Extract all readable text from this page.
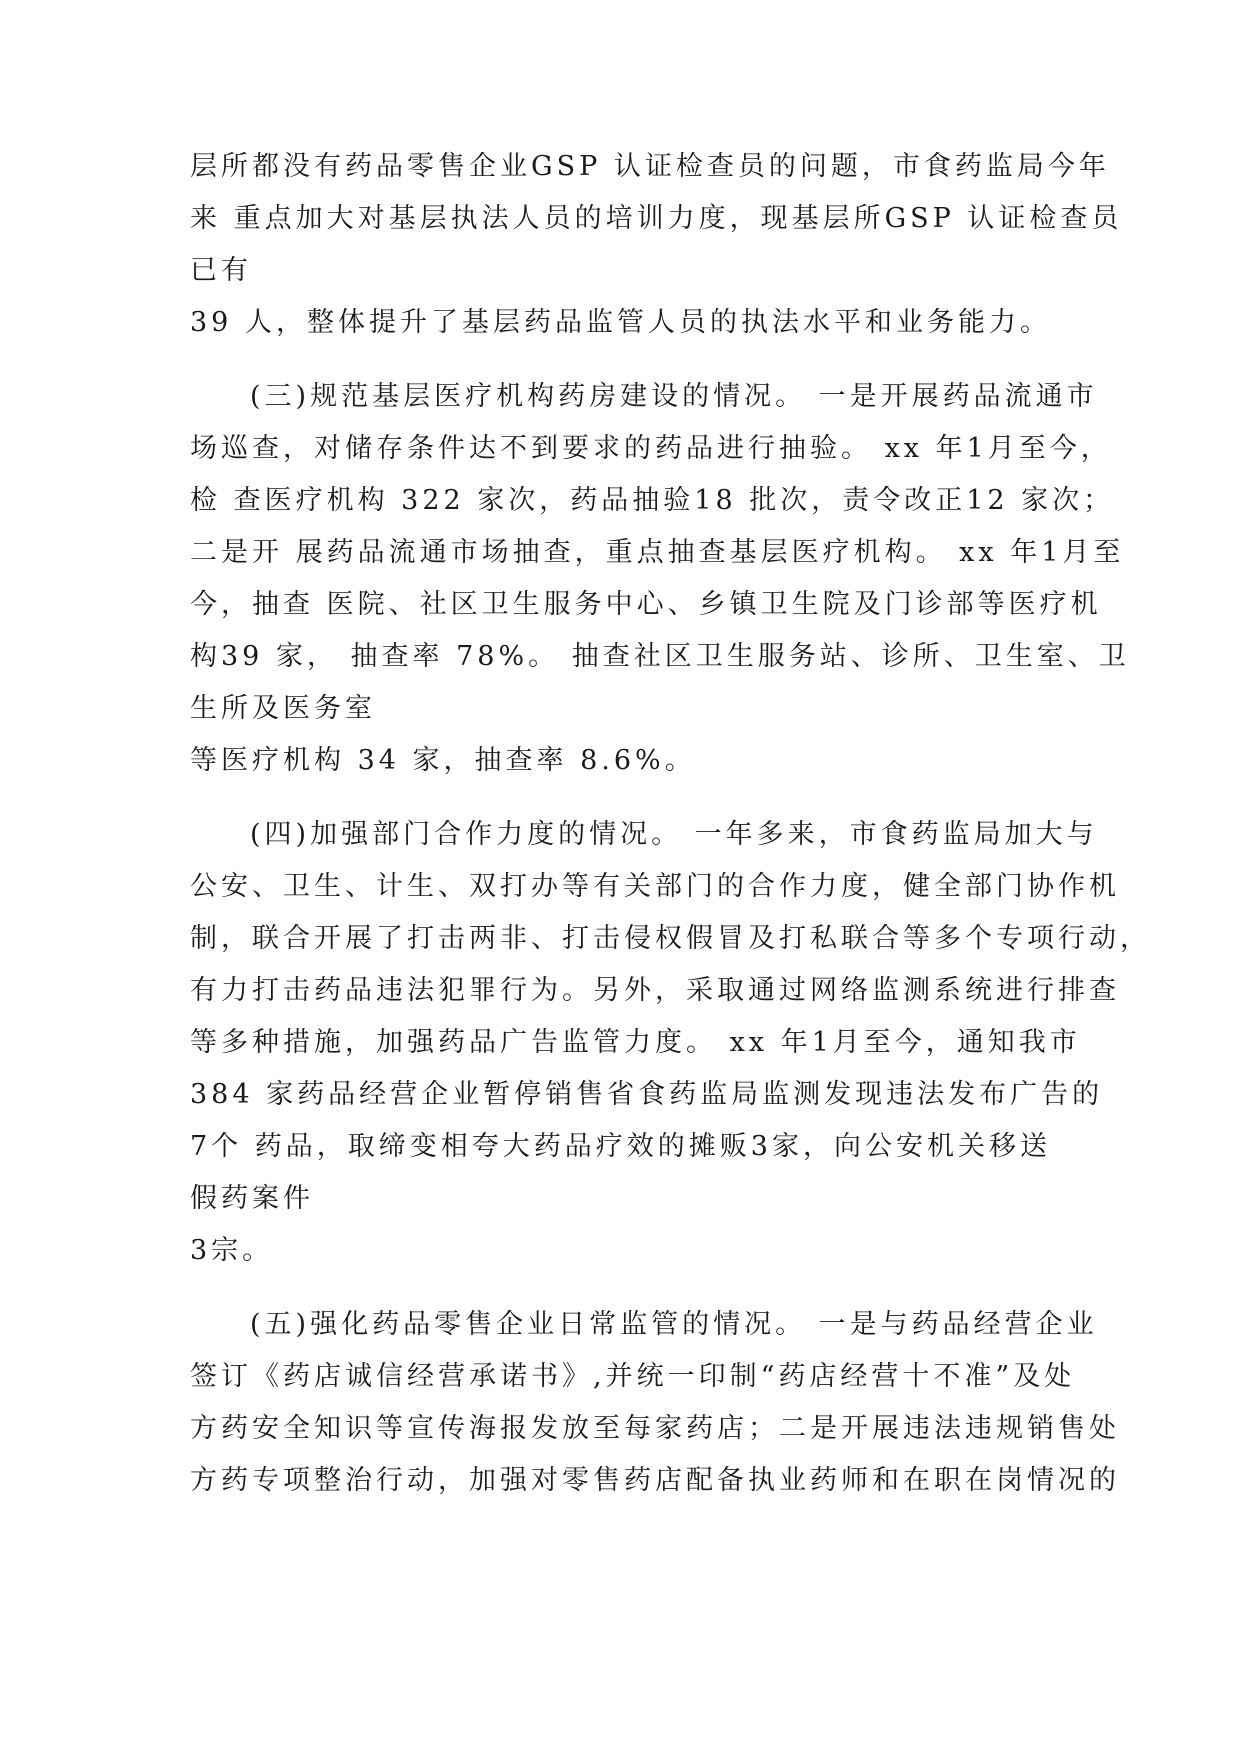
层所都没有药品零售企业GSP 认证检查员的问题，市食药监局今年
来 重点加大对基层执法人员的培训力度，现基层所GSP 认证检查员
已有
39 人，整体提升了基层药品监管人员的执法水平和业务能力。
(三)规范基层医疗机构药房建设的情况。 一是开展药品流通市
场巡查，对储存条件达不到要求的药品进行抽验。 xx 年1月至今，
检 查医疗机构 322 家次，药品抽验18 批次，责令改正12 家次；
二是开 展药品流通市场抽查，重点抽查基层医疗机构。 xx 年1月至
今，抽查 医院、社区卫生服务中心、乡镇卫生院及门诊部等医疗机
构39 家， 抽查率 78%。 抽查社区卫生服务站、诊所、卫生室、卫
生所及医务室
等医疗机构 34 家，抽查率 8.6%。
(四)加强部门合作力度的情况。 一年多来，市食药监局加大与
公安、卫生、计生、双打办等有关部门的合作力度，健全部门协作机
制，联合开展了打击两非、打击侵权假冒及打私联合等多个专项行动，
有力打击药品违法犯罪行为。另外，采取通过网络监测系统进行排查
等多种措施，加强药品广告监管力度。 xx 年1月至今，通知我市
384 家药品经营企业暂停销售省食药监局监测发现违法发布广告的
7个 药品，取缔变相夸大药品疗效的摊贩3家，向公安机关移送
假药案件
3宗。
(五)强化药品零售企业日常监管的情况。 一是与药品经营企业
签订《药店诚信经营承诺书》,并统一印制“药店经营十不准”及处
方药安全知识等宣传海报发放至每家药店；二是开展违法违规销售处
方药专项整治行动，加强对零售药店配备执业药师和在职在岗情况的
